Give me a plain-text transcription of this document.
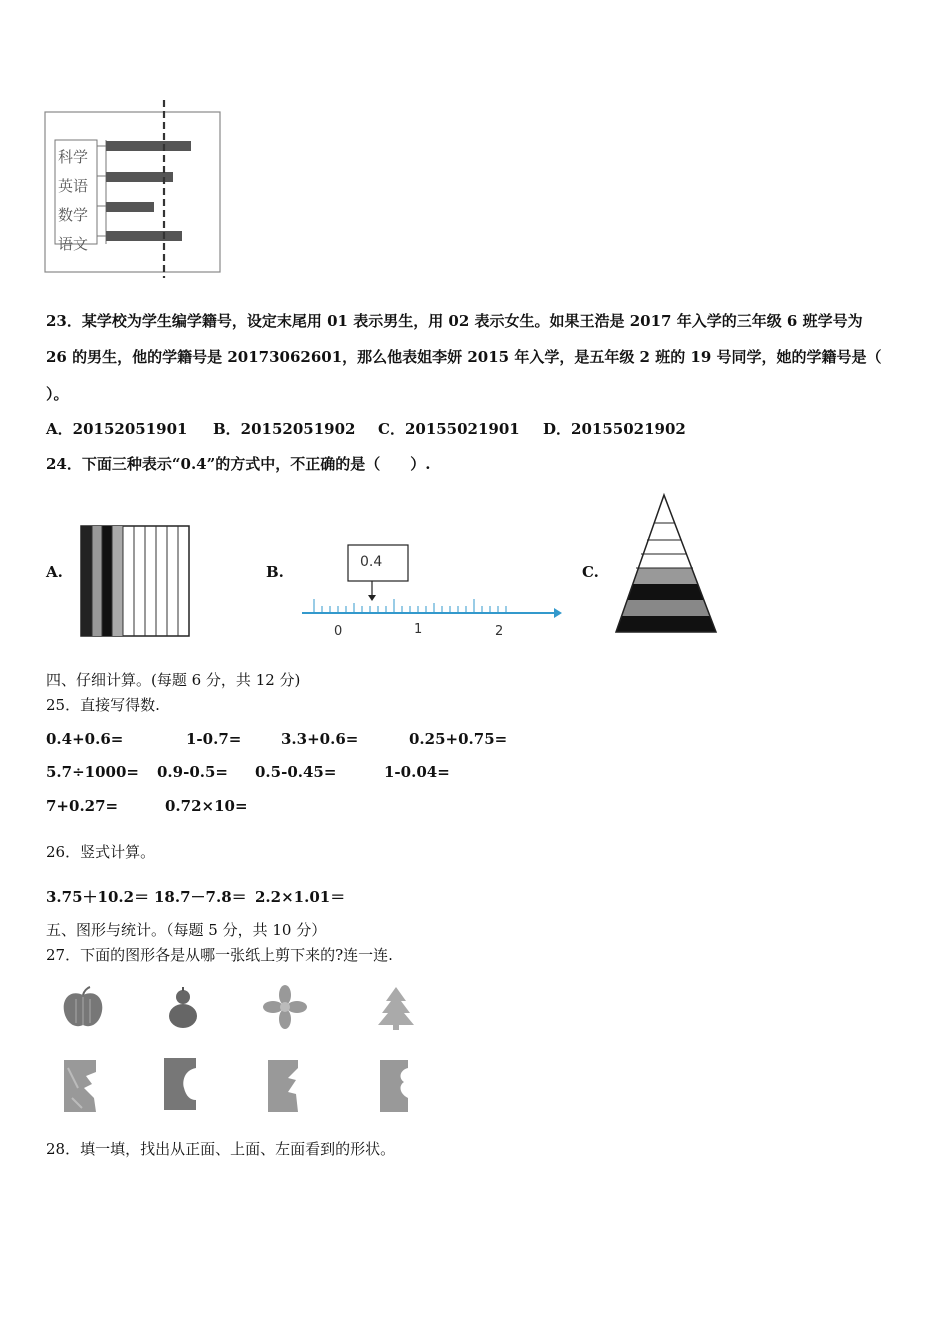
科学
英语
数学
语文
23．某学校为学生编学籍号，设定末尾用 01 表示男生，用 02 表示女生。如果王浩是 2017 年入学的三年级 6 班学号为
26 的男生，他的学籍号是 20173062601，那么他表姐李妍 2015 年入学，是五年级 2 班的 19 号同学，她的学籍号是（
）。
A．20152051901 B．20152051902 C．20155021901 D．20155021902
24．下面三种表示“0.4”的方式中，不正确的是（　　）.
A.	B.
0.4
0	1	2
C.
四、仔细计算。(每题 6 分，共 12 分)
25．直接写得数.
0.4+0.6=	1-0.7=	3.3+0.6=	0.25+0.75=
5.7÷1000= 0.9-0.5= 0.5-0.45=	1-0.04=
7+0.27=	0.72×10=
26．竖式计算。
3.75＋10.2＝ 18.7－7.8＝ 2.2×1.01＝
五、图形与统计。（每题 5 分，共 10 分）
27．下面的图形各是从哪一张纸上剪下来的?连一连.
28．填一填，找出从正面、上面、左面看到的形状。
